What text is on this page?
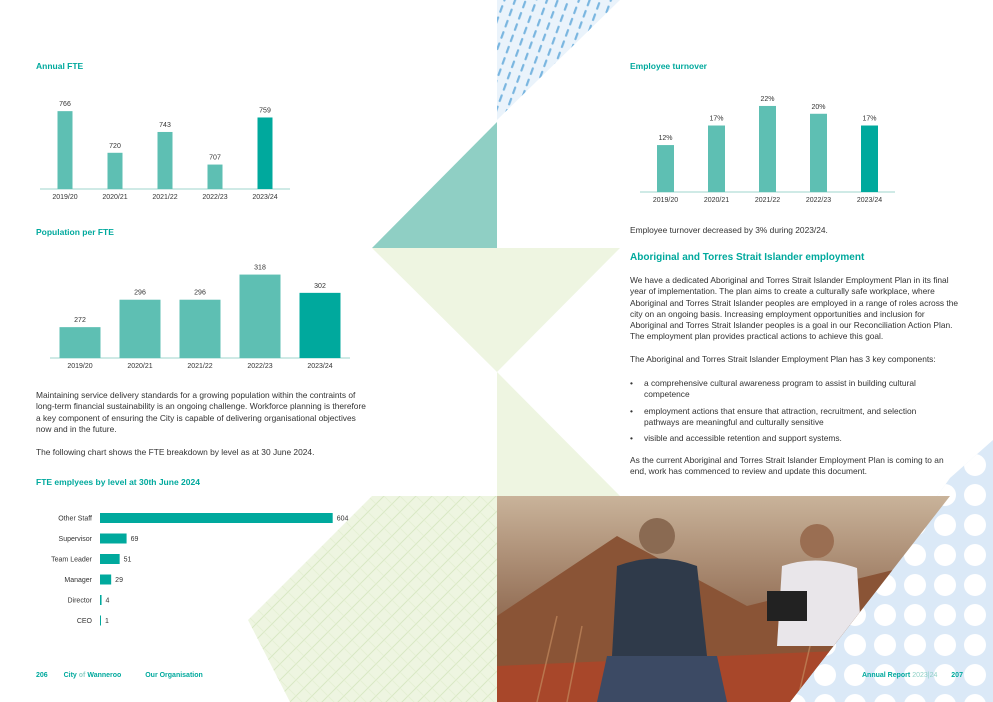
Annual FTE
766
2019/20
720
2020/21
743
2021/22
707
2022/23
759
2023/24
Population per FTE
272
2019/20
296
2020/21
296
2021/22
318
2022/23
302
2023/24

Maintaining service delivery standards for a growing population within the contraints of long-term financial sustainability is an ongoing challenge. Workforce planning is therefore a key component of ensuring the City is capable of delivering organisational objectives now and in the future.

The following chart shows the FTE breakdown by level as at 30 June 2024.
FTE emplyees by level at 30th June 2024
Other Staff	604
Supervisor	69
Team Leader	51
Manager	29
Director 4
CEO 1
206 City of Wanneroo	Our Organisation
Employee turnover
12%
2019/20
17%
2020/21
22%
2021/22
20%
2022/23
17%
2023/24
Employee turnover decreased by 3% during 2023/24.
Aboriginal and Torres Strait Islander employment
We have a dedicated Aboriginal and Torres Strait Islander Employment Plan in its final year of implementation. The plan aims to create a culturally safe workplace, where Aboriginal and Torres Strait Islander peoples are employed in a range of roles across the city on an ongoing basis. Increasing employment opportunities and inclusion for Aboriginal and Torres Strait Islander peoples is a goal in our Reconciliation Action Plan. The employment plan provides practical actions to achieve this goal.
The Aboriginal and Torres Strait Islander Employment Plan has 3 key components:
• a comprehensive cultural awareness program to assist in building cultural competence
• employment actions that ensure that attraction, recruitment, and selection pathways are meaningful and culturally sensitive
• visible and accessible retention and support systems.
As the current Aboriginal and Torres Strait Islander Employment Plan is coming to an end, work has commenced to review and update this document.
Annual Report 2023|24 207
